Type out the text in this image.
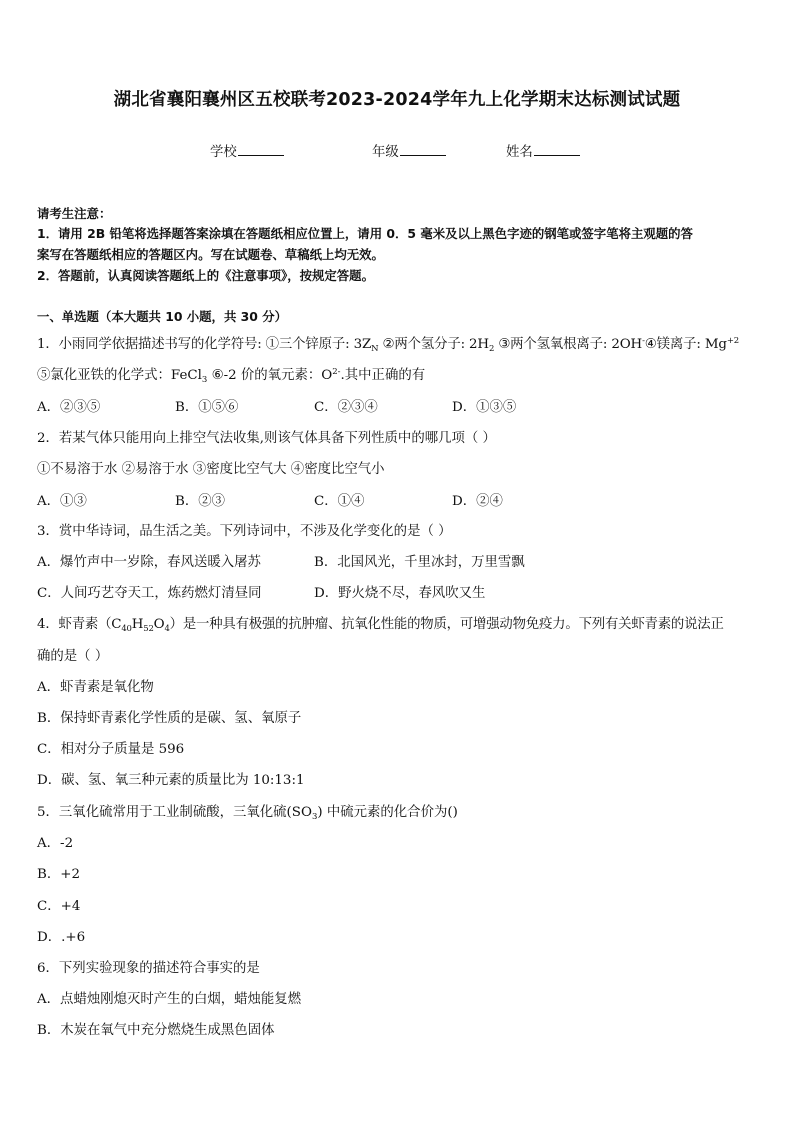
湖北省襄阳襄州区五校联考2023-2024学年九上化学期末达标测试试题
学校	年级	姓名
请考生注意：
1．请用 2B 铅笔将选择题答案涂填在答题纸相应位置上，请用 0．5 毫米及以上黑色字迹的钢笔或签字笔将主观题的答
案写在答题纸相应的答题区内。写在试题卷、草稿纸上均无效。
2．答题前，认真阅读答题纸上的《注意事项》，按规定答题。
一、单选题（本大题共 10 小题，共 30 分）
1．小雨同学依据描述书写的化学符号: ①三个锌原子: $3Z_N$ ②两个氢分子: $2H_2$ ③两个氢氧根离子: 2OH-④镁离子: $Mg^{+2}$
⑤氯化亚铁的化学式：FeCl$_3$ ⑥-2 价的氧元素：$O^{2-}$.其中正确的有
A．②③⑤	B．①⑤⑥	C．②③④	D．①③⑤
2．若某气体只能用向上排空气法收集,则该气体具备下列性质中的哪几项（ ）
①不易溶于水 ②易溶于水 ③密度比空气大 ④密度比空气小
A．①③	B．②③	C．①④	D．②④
3．赏中华诗词，品生活之美。下列诗词中，不涉及化学变化的是（ ）
A．爆竹声中一岁除，春风送暖入屠苏	B．北国风光，千里冰封，万里雪飘
C．人间巧艺夺天工，炼药燃灯清昼同	D．野火烧不尽，春风吹又生
4．虾青素$(C_{40}H_{52}O_4)$是一种具有极强的抗肿瘤、抗氧化性能的物质，可增强动物免疫力。下列有关虾青素的说法正
确的是（ ）
A．虾青素是氧化物
B．保持虾青素化学性质的是碳、氢、氧原子
C．相对分子质量是 596
D．碳、氢、氧三种元素的质量比为 10:13:1
5．三氧化硫常用于工业制硫酸，三氧化硫$(SO_3)$ 中硫元素的化合价为()
A．-2
B．+2
C．+4
D．.+6
6．下列实验现象的描述符合事实的是
A．点蜡烛刚熄灭时产生的白烟，蜡烛能复燃
B．木炭在氧气中充分燃烧生成黑色固体
